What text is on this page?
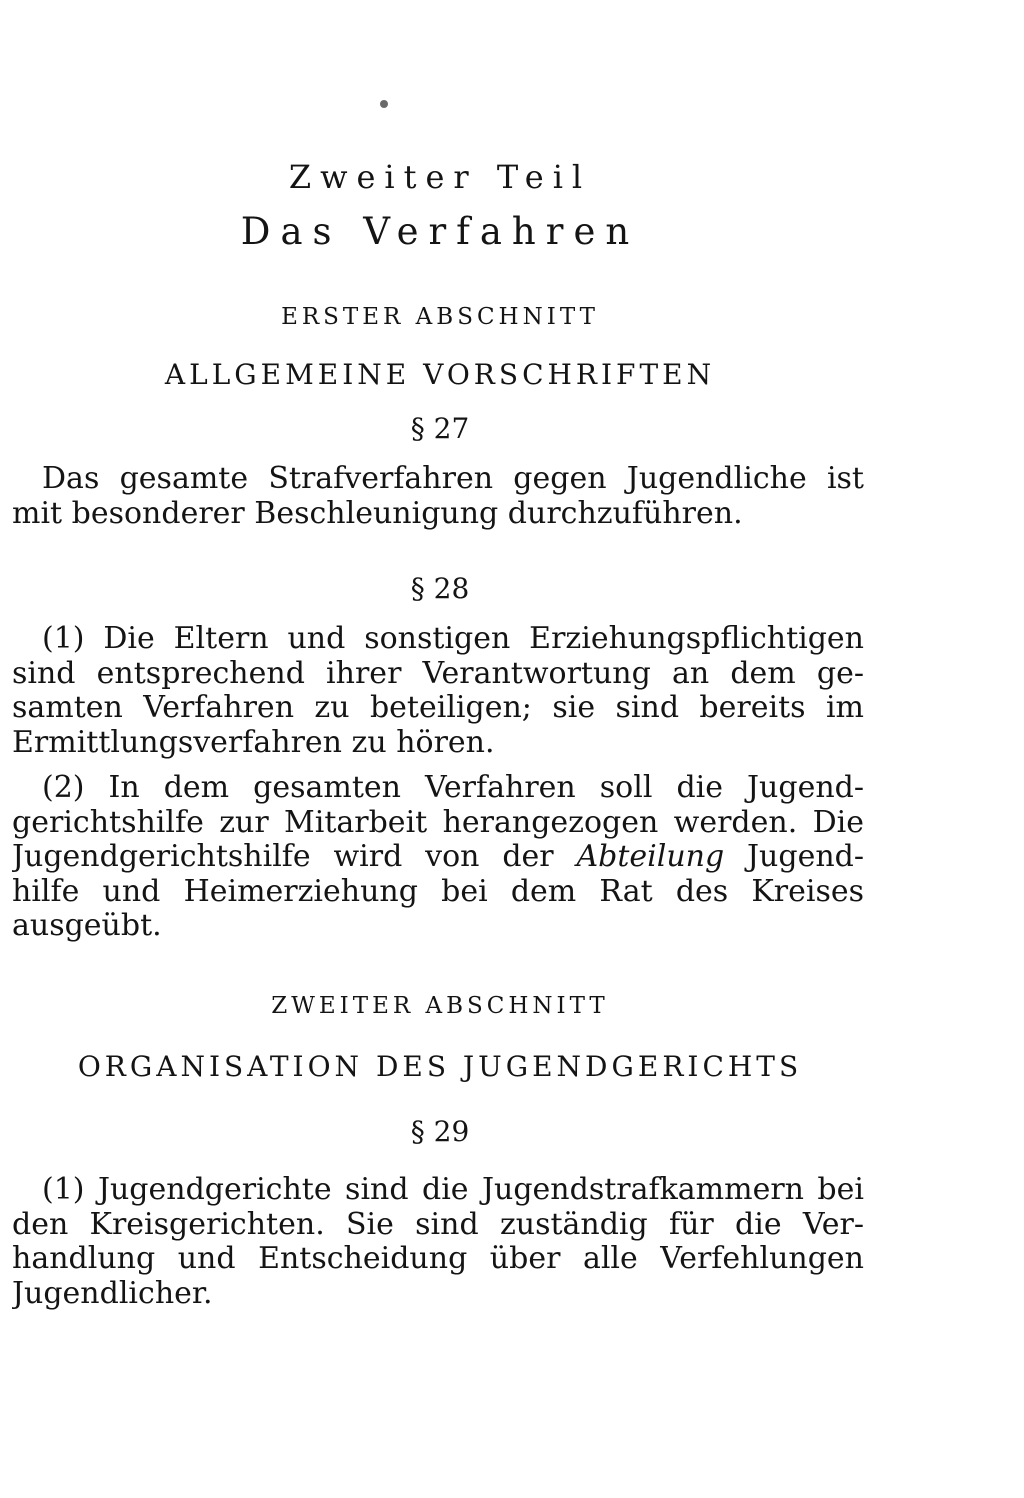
Zweiter Teil
Das Verfahren
ERSTER ABSCHNITT
ALLGEMEINE VORSCHRIFTEN
§ 27
Das gesamte Strafverfahren gegen Jugendliche ist
mit besonderer Beschleunigung durchzuführen.
§ 28
(1) Die Eltern und sonstigen Erziehungspflichtigen
sind entsprechend ihrer Verantwortung an dem ge-
samten Verfahren zu beteiligen; sie sind bereits im
Ermittlungsverfahren zu hören.
(2) In dem gesamten Verfahren soll die Jugend-
gerichtshilfe zur Mitarbeit herangezogen werden. Die
Jugendgerichtshilfe wird von der Abteilung Jugend-
hilfe und Heimerziehung bei dem Rat des Kreises
ausgeübt.
ZWEITER ABSCHNITT
ORGANISATION DES JUGENDGERICHTS
§ 29
(1) Jugendgerichte sind die Jugendstrafkammern bei
den Kreisgerichten. Sie sind zuständig für die Ver-
handlung und Entscheidung über alle Verfehlungen
Jugendlicher.
